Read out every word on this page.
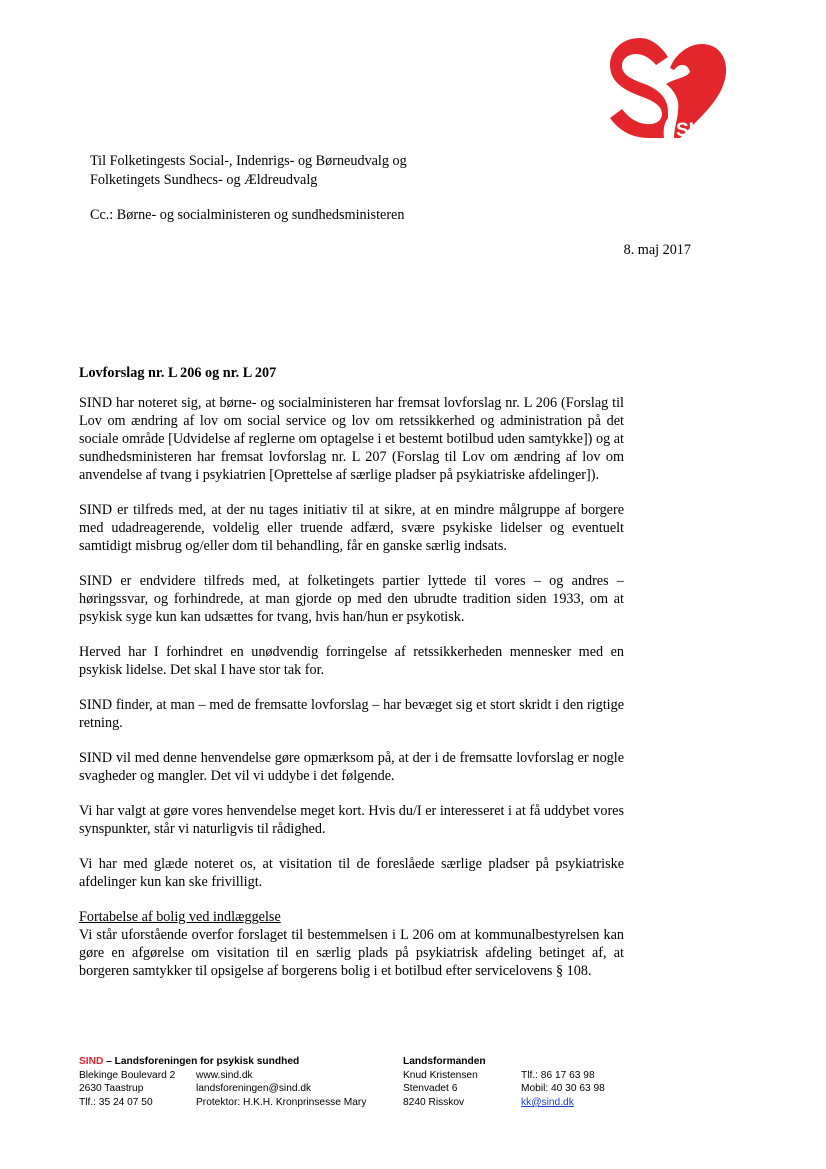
SIND
Til Folketingests Social-, Indenrigs- og Børneudvalg og
Folketingets Sundhecs- og Ældreudvalg
Cc.: Børne- og socialministeren og sundhedsministeren
8. maj 2017
Lovforslag nr. L 206 og nr. L 207

SIND har noteret sig, at børne- og socialministeren har fremsat lovforslag nr. L 206 (Forslag til Lov om ændring af lov om social service og lov om retssikkerhed og administration på det sociale område [Udvidelse af reglerne om optagelse i et bestemt botilbud uden samtykke]) og at sundhedsministeren har fremsat lovforslag nr. L 207 (Forslag til Lov om ændring af lov om anvendelse af tvang i psykiatrien [Oprettelse af særlige pladser på psykiatriske afdelinger]).

SIND er tilfreds med, at der nu tages initiativ til at sikre, at en mindre målgruppe af borgere med udadreagerende, voldelig eller truende adfærd, svære psykiske lidelser og eventuelt samtidigt misbrug og/eller dom til behandling, får en ganske særlig indsats.

SIND er endvidere tilfreds med, at folketingets partier lyttede til vores – og andres – høringssvar, og forhindrede, at man gjorde op med den ubrudte tradition siden 1933, om at psykisk syge kun kan udsættes for tvang, hvis han/hun er psykotisk.

Herved har I forhindret en unødvendig forringelse af retssikkerheden mennesker med en psykisk lidelse. Det skal I have stor tak for.

SIND finder, at man – med de fremsatte lovforslag – har bevæget sig et stort skridt i den rigtige retning.

SIND vil med denne henvendelse gøre opmærksom på, at der i de fremsatte lovforslag er nogle svagheder og mangler. Det vil vi uddybe i det følgende.

Vi har valgt at gøre vores henvendelse meget kort. Hvis du/I er interesseret i at få uddybet vores synspunkter, står vi naturligvis til rådighed.

Vi har med glæde noteret os, at visitation til de foreslåede særlige pladser på psykiatriske afdelinger kun kan ske frivilligt.

Fortabelse af bolig ved indlæggelse

Vi står uforstående overfor forslaget til bestemmelsen i L 206 om at kommunalbestyrelsen kan gøre en afgørelse om visitation til en særlig plads på psykiatrisk afdeling betinget af, at borgeren samtykker til opsigelse af borgerens bolig i et botilbud efter servicelovens § 108.

SIND – Landsforeningen for psykisk sundhed
Blekinge Boulevard 2
2630 Taastrup
Tlf.: 35 24 07 50
www.sind.dk
landsforeningen@sind.dk
Protektor: H.K.H. Kronprinsesse Mary
Landsformanden
Knud Kristensen
Stenvadet 6
8240 Risskov
Tlf.: 86 17 63 98
Mobil: 40 30 63 98
kk@sind.dk
